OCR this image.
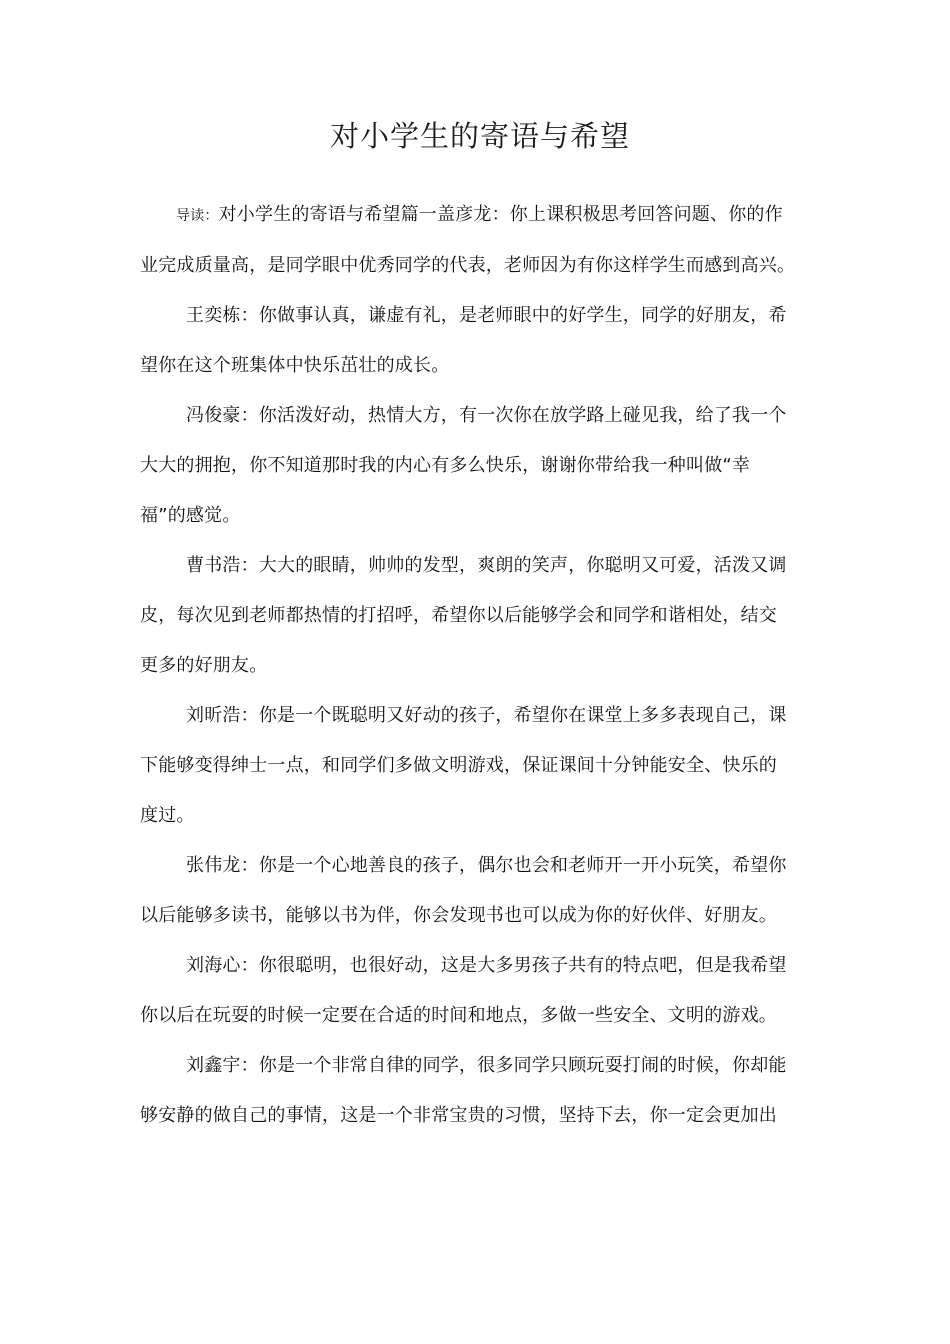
对小学生的寄语与希望
导读：对小学生的寄语与希望篇一盖彦龙：你上课积极思考回答问题、你的作
业完成质量高，是同学眼中优秀同学的代表，老师因为有你这样学生而感到高兴。
王奕栋：你做事认真，谦虚有礼，是老师眼中的好学生，同学的好朋友，希
望你在这个班集体中快乐茁壮的成长。
冯俊豪：你活泼好动，热情大方，有一次你在放学路上碰见我，给了我一个
大大的拥抱，你不知道那时我的内心有多么快乐，谢谢你带给我一种叫做“幸
福”的感觉。
曹书浩：大大的眼睛，帅帅的发型，爽朗的笑声，你聪明又可爱，活泼又调
皮，每次见到老师都热情的打招呼，希望你以后能够学会和同学和谐相处，结交
更多的好朋友。
刘昕浩：你是一个既聪明又好动的孩子，希望你在课堂上多多表现自己，课
下能够变得绅士一点，和同学们多做文明游戏，保证课间十分钟能安全、快乐的
度过。
张伟龙：你是一个心地善良的孩子，偶尔也会和老师开一开小玩笑，希望你
以后能够多读书，能够以书为伴，你会发现书也可以成为你的好伙伴、好朋友。
刘海心：你很聪明，也很好动，这是大多男孩子共有的特点吧，但是我希望
你以后在玩耍的时候一定要在合适的时间和地点，多做一些安全、文明的游戏。
刘鑫宇：你是一个非常自律的同学，很多同学只顾玩耍打闹的时候，你却能
够安静的做自己的事情，这是一个非常宝贵的习惯，坚持下去，你一定会更加出
